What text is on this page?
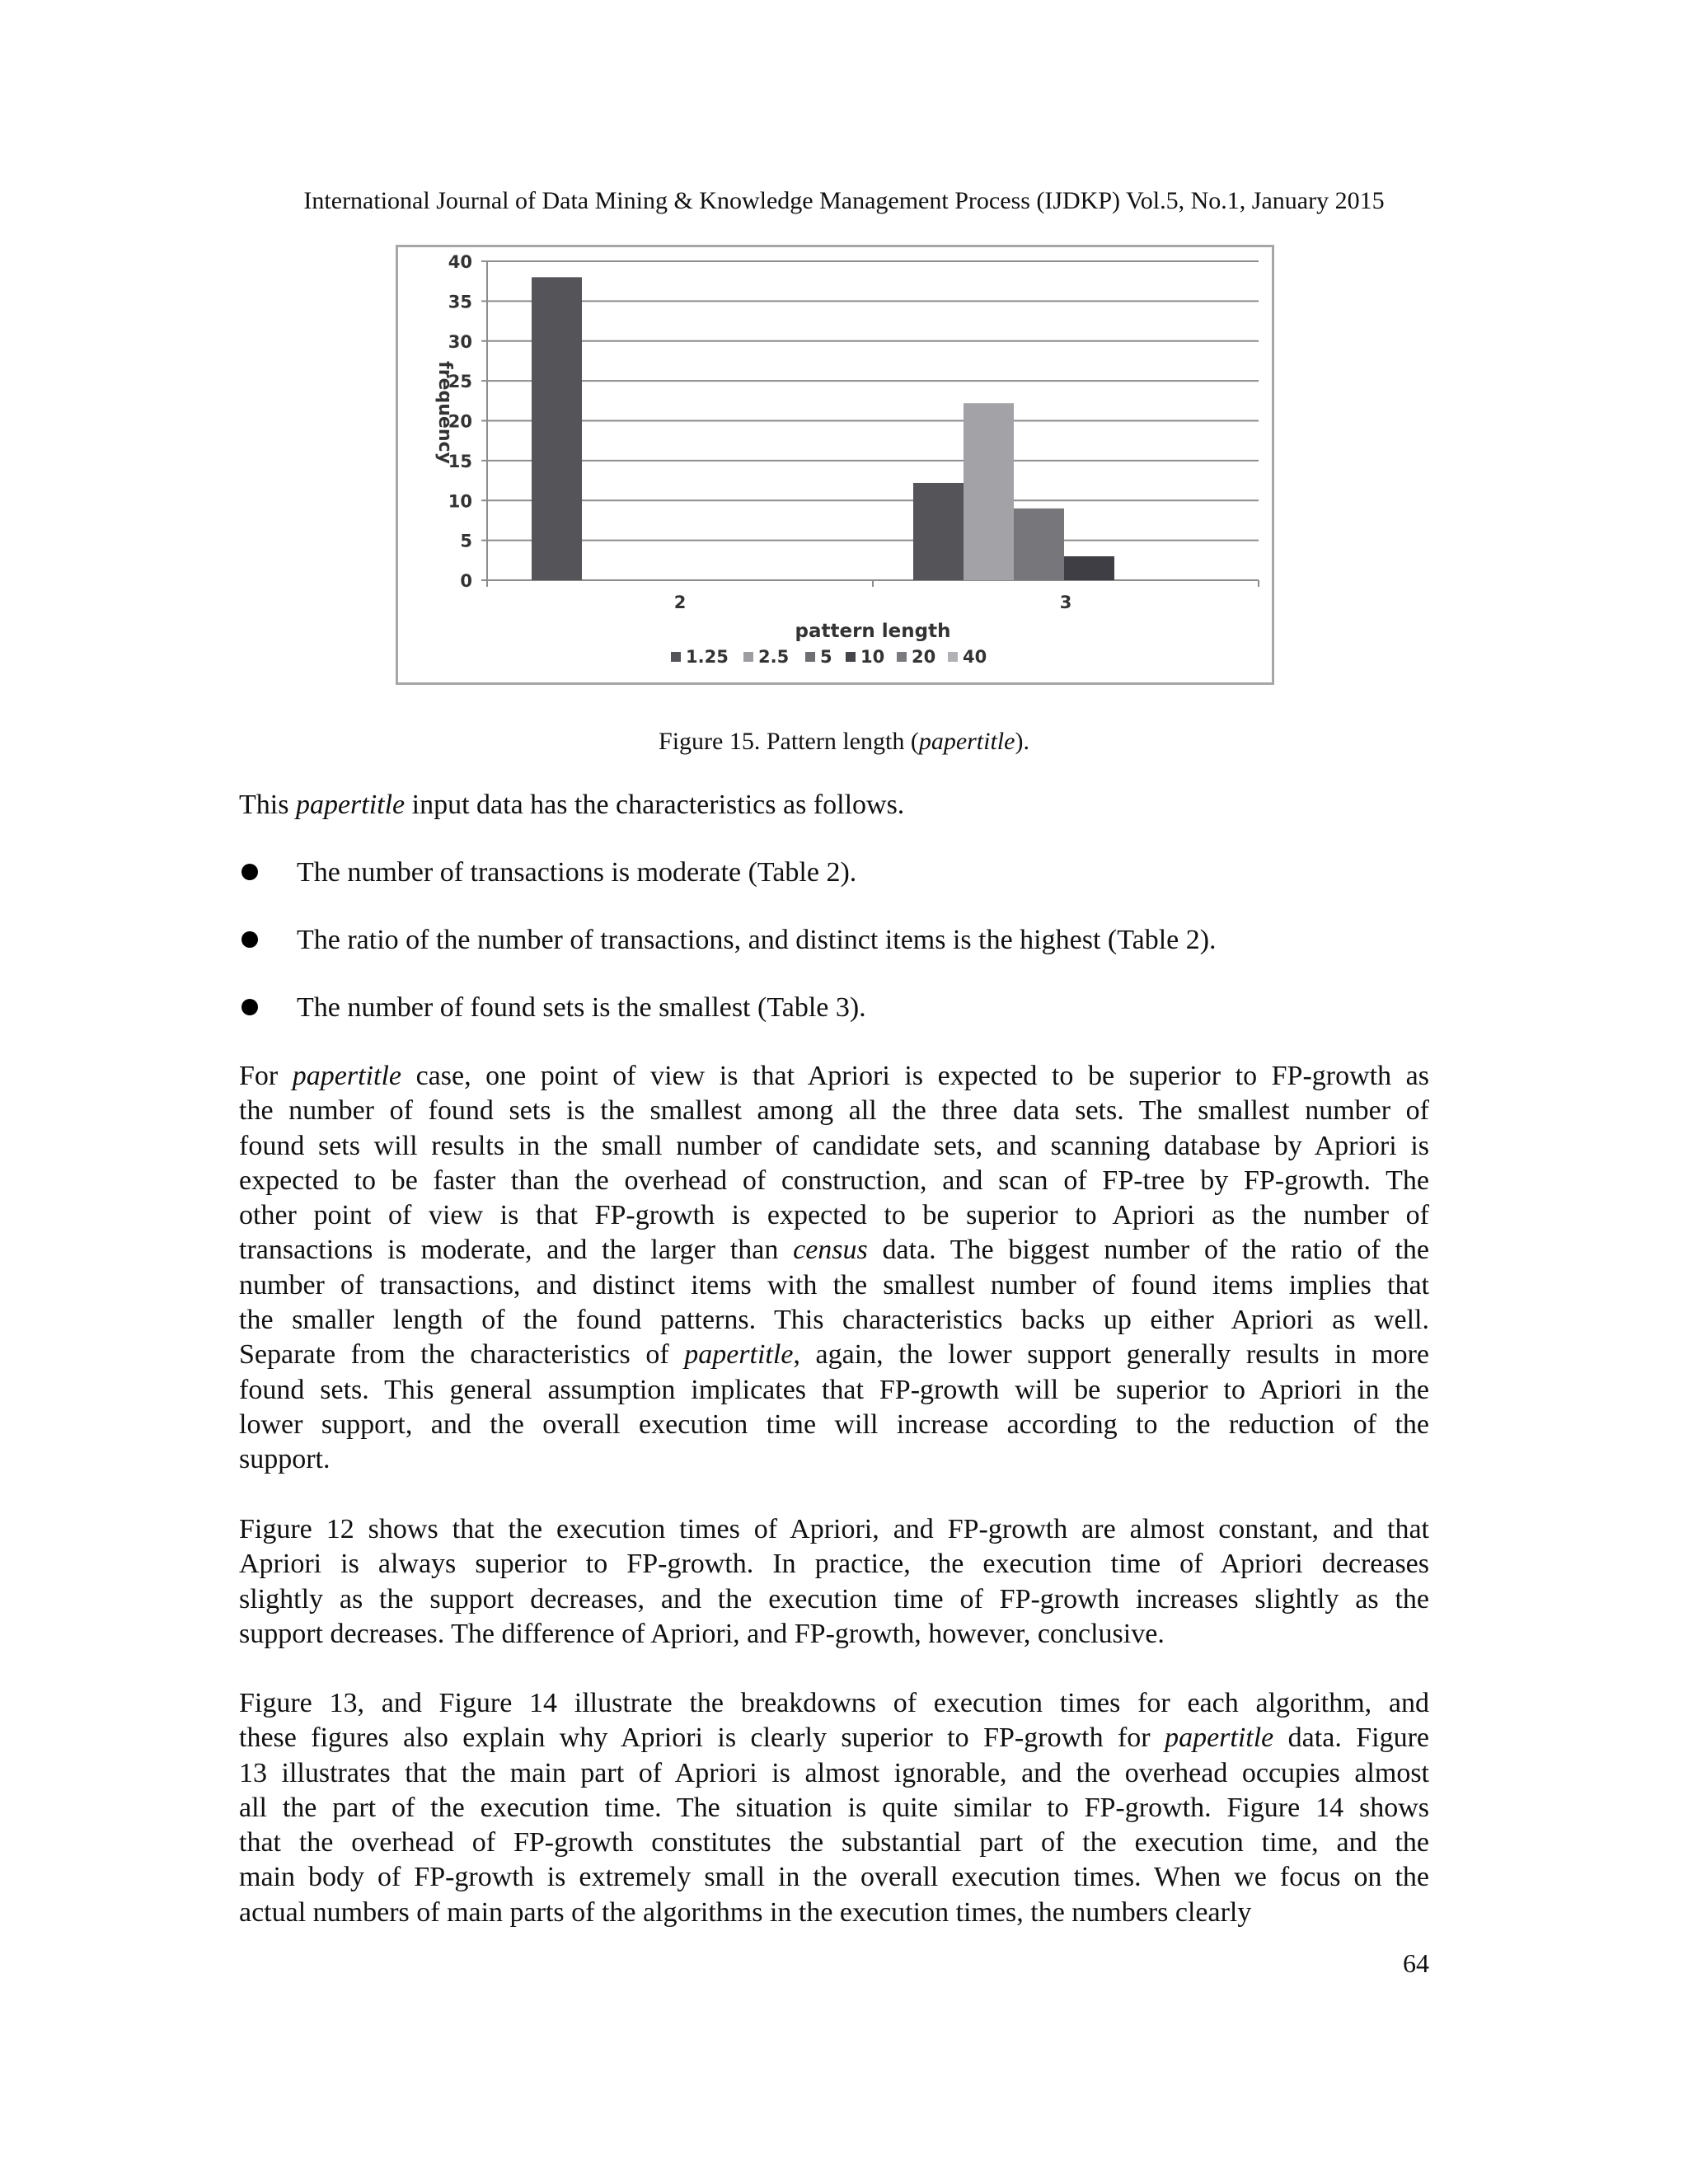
International Journal of Data Mining & Knowledge Management Process (IJDKP) Vol.5, No.1, January 2015
0
5
10
15
20
25
30
35
40
2	3
frequency
pattern length
1.25 2.5 5 10 20 40
Figure 15. Pattern length (papertitle).
This papertitle input data has the characteristics as follows.
The number of transactions is moderate (Table 2).
The ratio of the number of transactions, and distinct items is the highest (Table 2).
The number of found sets is the smallest (Table 3).
For papertitle case, one point of view is that Apriori is expected to be superior to FP-growth as
the number of found sets is the smallest among all the three data sets. The smallest number of
found sets will results in the small number of candidate sets, and scanning database by Apriori is
expected to be faster than the overhead of construction, and scan of FP-tree by FP-growth. The
other point of view is that FP-growth is expected to be superior to Apriori as the number of
transactions is moderate, and the larger than census data. The biggest number of the ratio of the
number of transactions, and distinct items with the smallest number of found items implies that
the smaller length of the found patterns. This characteristics backs up either Apriori as well.
Separate from the characteristics of papertitle, again, the lower support generally results in more
found sets. This general assumption implicates that FP-growth will be superior to Apriori in the
lower support, and the overall execution time will increase according to the reduction of the
support.
Figure 12 shows that the execution times of Apriori, and FP-growth are almost constant, and that
Apriori is always superior to FP-growth. In practice, the execution time of Apriori decreases
slightly as the support decreases, and the execution time of FP-growth increases slightly as the
support decreases. The difference of Apriori, and FP-growth, however, conclusive.
Figure 13, and Figure 14 illustrate the breakdowns of execution times for each algorithm, and
these figures also explain why Apriori is clearly superior to FP-growth for papertitle data. Figure
13 illustrates that the main part of Apriori is almost ignorable, and the overhead occupies almost
all the part of the execution time. The situation is quite similar to FP-growth. Figure 14 shows
that the overhead of FP-growth constitutes the substantial part of the execution time, and the
main body of FP-growth is extremely small in the overall execution times. When we focus on the
actual numbers of main parts of the algorithms in the execution times, the numbers clearly
64
